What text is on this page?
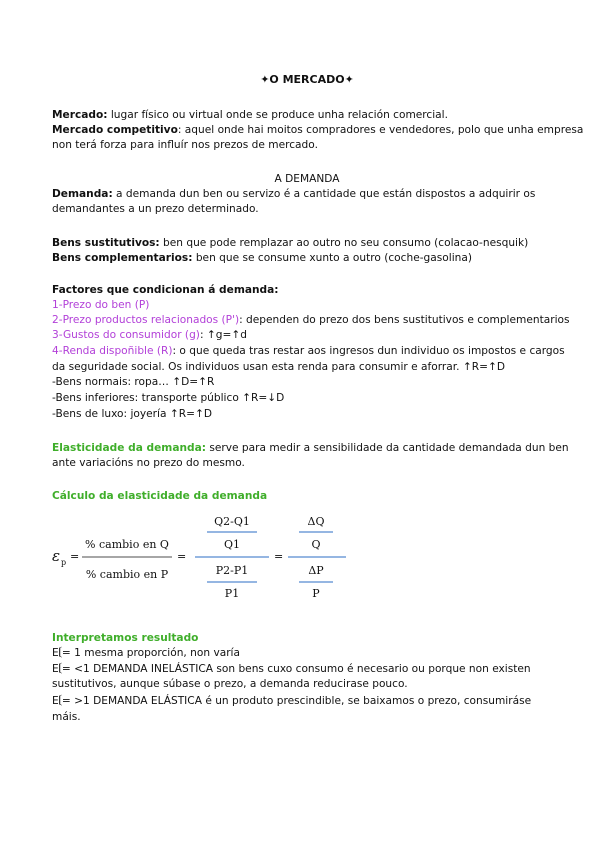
✦O MERCADO✦
Mercado: lugar físico ou virtual onde se produce unha relación comercial.
Mercado competitivo: aquel onde hai moitos compradores e vendedores, polo que unha empresa
non terá forza para influír nos prezos de mercado.
A DEMANDA
Demanda: a demanda dun ben ou servizo é a cantidade que están dispostos a adquirir os
demandantes a un prezo determinado.
Bens sustitutivos: ben que pode remplazar ao outro no seu consumo (colacao-nesquik)
Bens complementarios: ben que se consume xunto a outro (coche-gasolina)
Factores que condicionan á demanda:
1-Prezo do ben (P)
2-Prezo productos relacionados (P'): dependen do prezo dos bens sustitutivos e complementarios
3-Gustos do consumidor (g): ↑g=↑d
4-Renda dispoñible (R): o que queda tras restar aos ingresos dun individuo os impostos e cargos
da seguridade social. Os individuos usan esta renda para consumir e aforrar. ↑R=↑D
-Bens normais: ropa… ↑D=↑R
-Bens inferiores: transporte público ↑R=↓D
-Bens de luxo: joyería ↑R=↑D
Elasticidade da demanda: serve para medir a sensibilidade da cantidade demandada dun ben
ante variacións no prezo do mesmo.
Cálculo da elasticidade da demanda
Interpretamos resultado
E𝄕= 1 mesma proporción, non varía
E𝄕= <1 DEMANDA INELÁSTICA son bens cuxo consumo é necesario ou porque non existen
sustitutivos, aunque súbase o prezo, a demanda reducirase pouco.
E𝄕= >1 DEMANDA ELÁSTICA é un produto prescindible, se baixamos o prezo, consumiráse
máis.
ε p =
% cambio en Q
% cambio en P
=
Q2-Q1
Q1
P2-P1
P1
=
ΔQ
Q
ΔP
P
